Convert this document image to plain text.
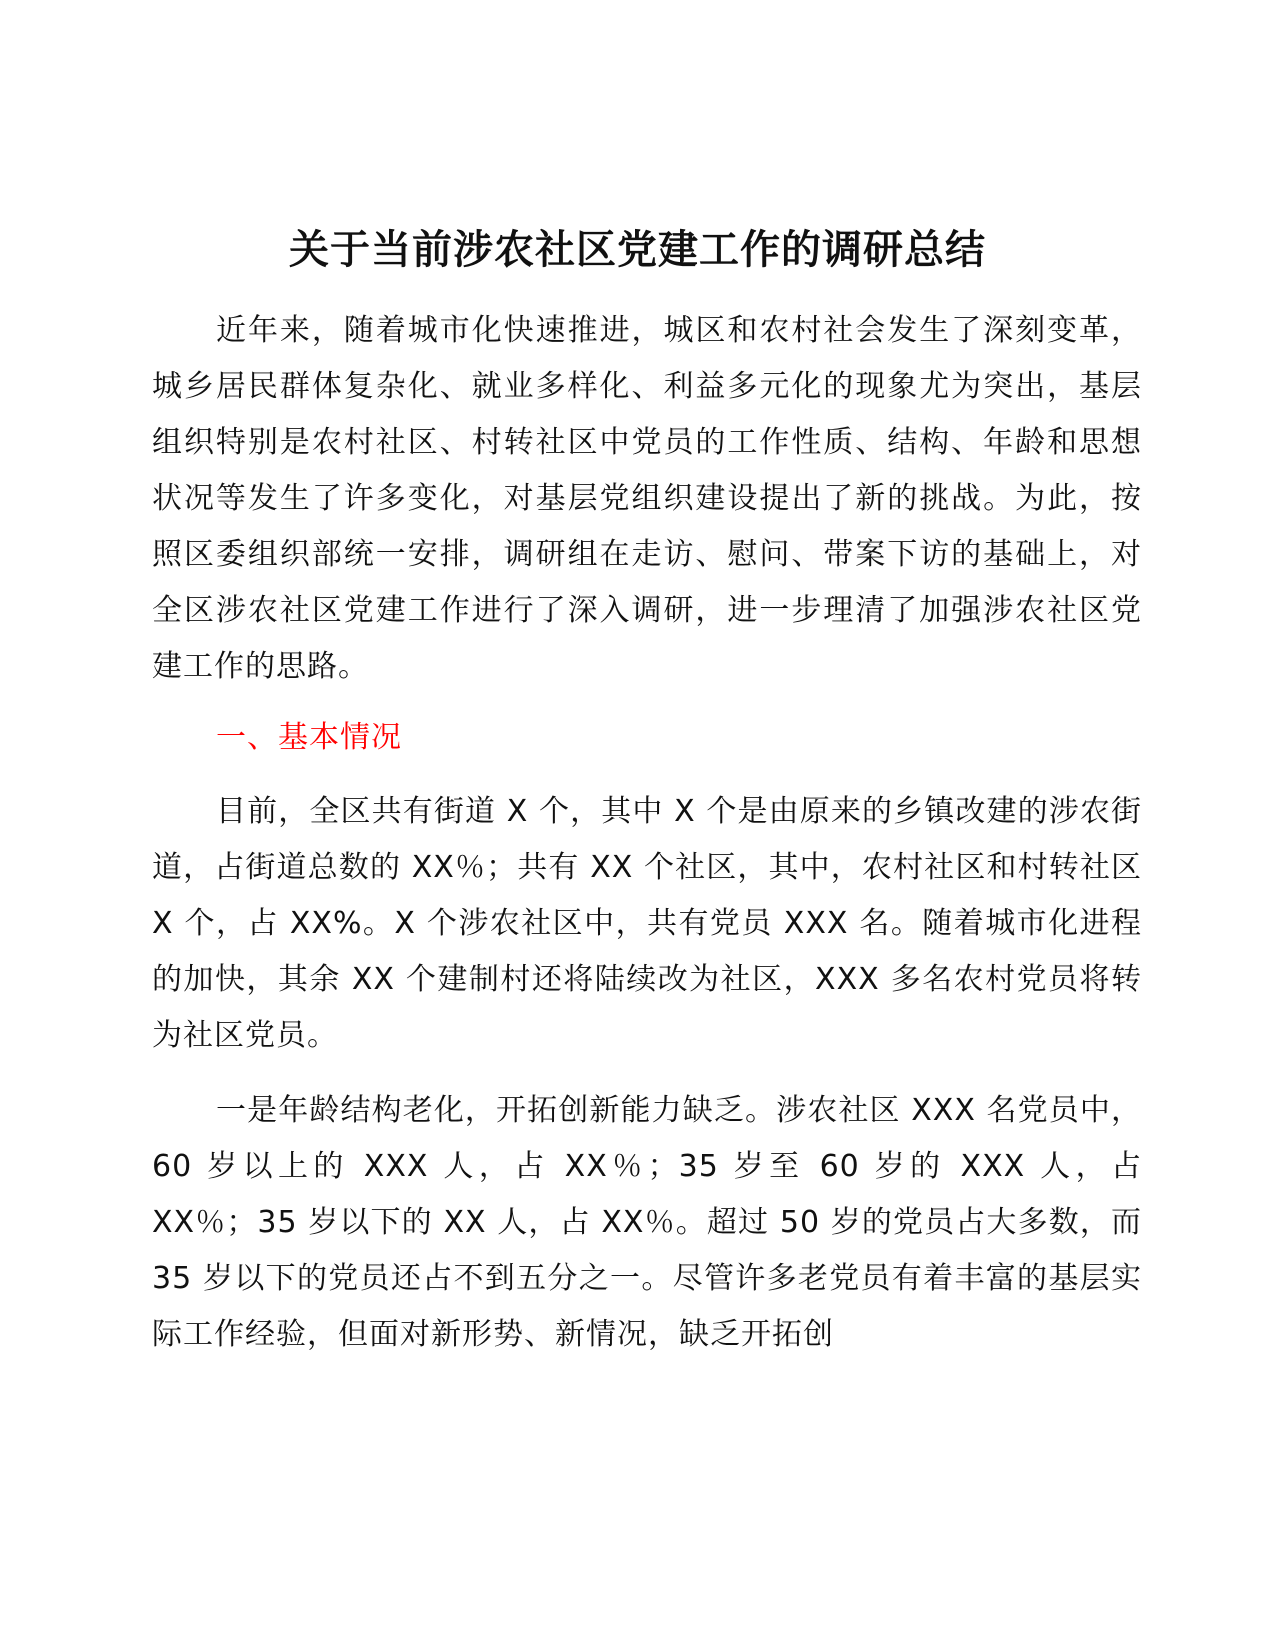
关于当前涉农社区党建工作的调研总结

近年来，随着城市化快速推进，城区和农村社会发生了深刻变革，城乡居民群体复杂化、就业多样化、利益多元化的现象尤为突出，基层组织特别是农村社区、村转社区中党员的工作性质、结构、年龄和思想状况等发生了许多变化，对基层党组织建设提出了新的挑战。为此，按照区委组织部统一安排，调研组在走访、慰问、带案下访的基础上，对全区涉农社区党建工作进行了深入调研，进一步理清了加强涉农社区党建工作的思路。

一、基本情况

目前，全区共有街道 X 个，其中 X 个是由原来的乡镇改建的涉农街道，占街道总数的 XX％；共有 XX 个社区，其中，农村社区和村转社区 X 个，占 XX%。X 个涉农社区中，共有党员 XXX 名。随着城市化进程的加快，其余 XX 个建制村还将陆续改为社区，XXX 多名农村党员将转为社区党员。

一是年龄结构老化，开拓创新能力缺乏。涉农社区 XXX 名党员中，60 岁以上的 XXX 人，占 XX％；35 岁至 60 岁的 XXX 人，占 XX％；35 岁以下的 XX 人，占 XX％。超过 50 岁的党员占大多数，而 35 岁以下的党员还占不到五分之一。尽管许多老党员有着丰富的基层实际工作经验，但面对新形势、新情况，缺乏开拓创
